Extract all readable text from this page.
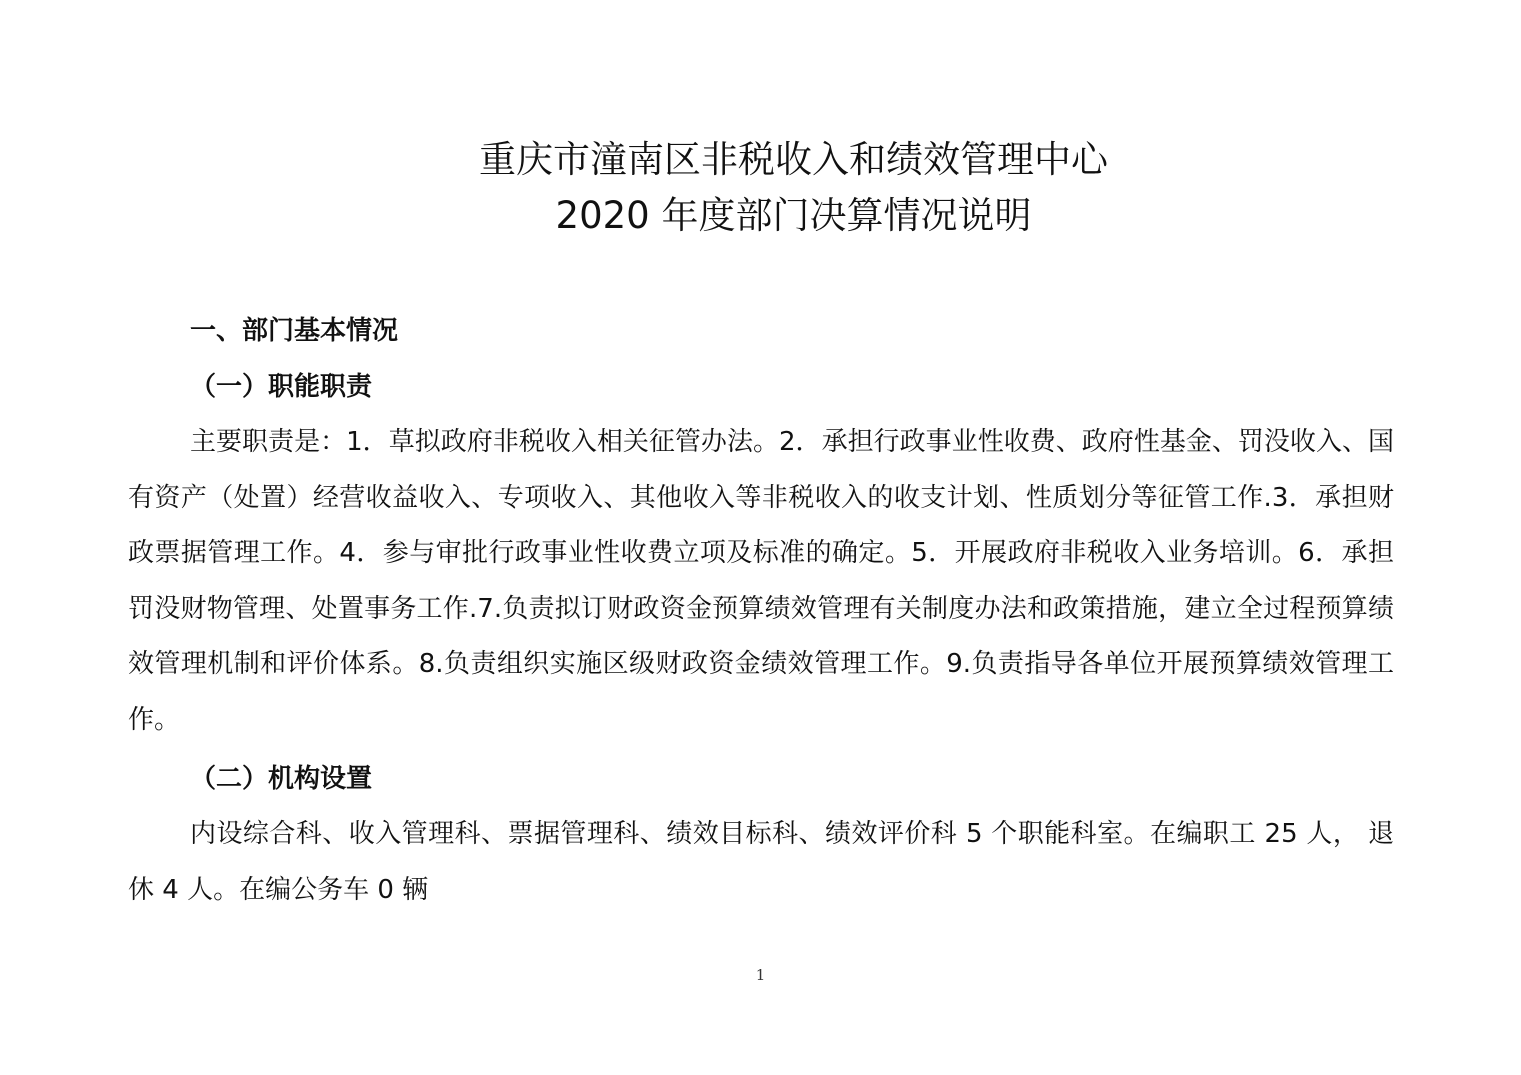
重庆市潼南区非税收入和绩效管理中心
2020 年度部门决算情况说明
一、部门基本情况
（一）职能职责

主要职责是：1．草拟政府非税收入相关征管办法。2．承担行政事业性收费、政府性基金、罚没收入、国有资产（处置）经营收益收入、专项收入、其他收入等非税收入的收支计划、性质划分等征管工作.3．承担财政票据管理工作。4．参与审批行政事业性收费立项及标准的确定。5．开展政府非税收入业务培训。6．承担罚没财物管理、处置事务工作.7.负责拟订财政资金预算绩效管理有关制度办法和政策措施，建立全过程预算绩效管理机制和评价体系。8.负责组织实施区级财政资金绩效管理工作。9.负责指导各单位开展预算绩效管理工作。

（二）机构设置

内设综合科、收入管理科、票据管理科、绩效目标科、绩效评价科 5 个职能科室。在编职工 25 人， 退休 4 人。在编公务车 0 辆

1
